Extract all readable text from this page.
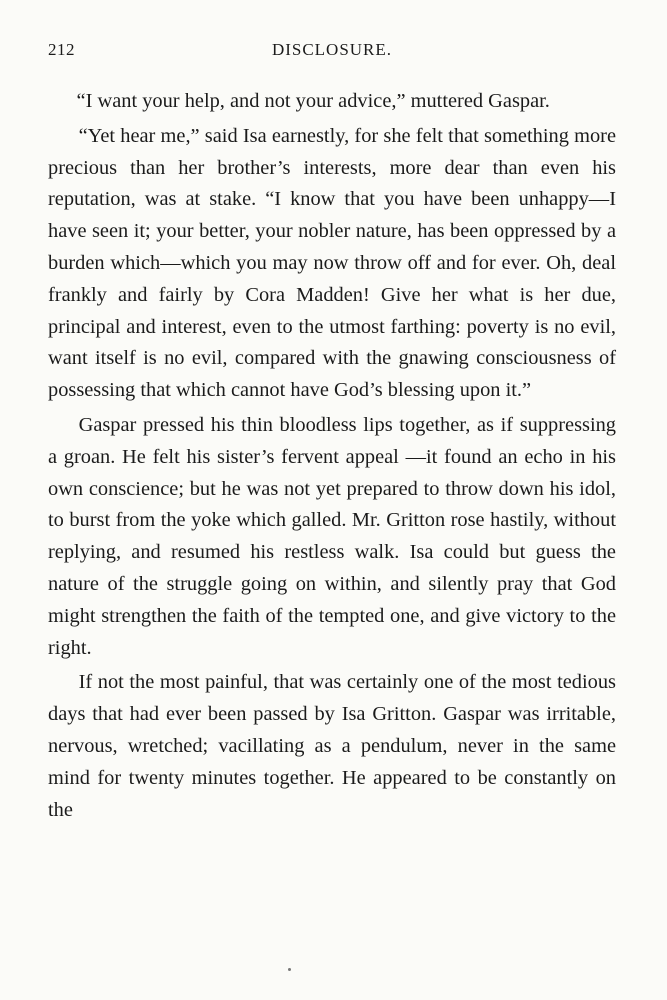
212	DISCLOSURE.

“I want your help, and not your advice,” muttered Gaspar.

“Yet hear me,” said Isa earnestly, for she felt that something more precious than her brother’s interests, more dear than even his reputation, was at stake. “I know that you have been unhappy—I have seen it; your better, your nobler nature, has been oppressed by a burden which—which you may now throw off and for ever. Oh, deal frankly and fairly by Cora Madden! Give her what is her due, principal and interest, even to the utmost farthing: poverty is no evil, want itself is no evil, compared with the gnawing consciousness of possessing that which cannot have God’s blessing upon it.”

Gaspar pressed his thin bloodless lips together, as if suppressing a groan. He felt his sister’s fervent appeal —it found an echo in his own conscience; but he was not yet prepared to throw down his idol, to burst from the yoke which galled. Mr. Gritton rose hastily, without replying, and resumed his restless walk. Isa could but guess the nature of the struggle going on within, and silently pray that God might strengthen the faith of the tempted one, and give victory to the right.

If not the most painful, that was certainly one of the most tedious days that had ever been passed by Isa Gritton. Gaspar was irritable, nervous, wretched; vacillating as a pendulum, never in the same mind for twenty minutes together. He appeared to be constantly on the
